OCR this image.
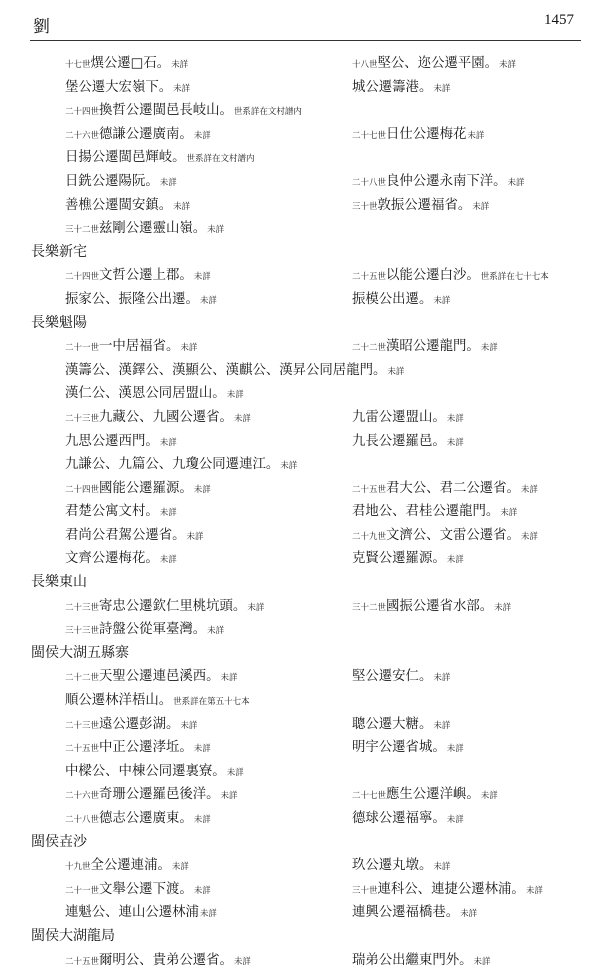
劉	1457
十七世熼公遷□石。未詳	十八世堅公、迩公遷平園。未詳
堡公遷大宏嶺下。未詳	城公遷籌港。未詳
二十四世換哲公遷閩邑長岐山。世系詳在文村譜内
二十六世德謙公遷廣南。未詳	二十七世日仕公遷梅花未詳
日揚公遷閩邑輝岐。世系詳在文村譜内
日銑公遷陽阮。未詳	二十八世良仲公遷永南下洋。未詳
善樵公遷閩安鎮。未詳	三十世敦振公遷福省。未詳
三十二世兹剛公遷靈山嶺。未詳
長樂新宅
二十四世文哲公遷上郡。未詳	二十五世以能公遷白沙。世系詳在七十七本
振家公、振隆公出遷。未詳	振模公出遷。未詳
長樂魁陽
二十一世一中居福省。未詳	二十二世漢昭公遷龍門。未詳
漢籌公、漢鐸公、漢顯公、漢麒公、漢昇公同居龍門。未詳
漢仁公、漢恩公同居盟山。未詳
二十三世九藏公、九國公遷省。未詳	九雷公遷盟山。未詳
九思公遷西門。未詳	九長公遷羅邑。未詳
九謙公、九篇公、九瓊公同遷連江。未詳
二十四世國能公遷羅源。未詳	二十五世君大公、君二公遷省。未詳
君楚公寓文村。未詳	君地公、君桂公遷龍門。未詳
君尚公君駕公遷省。未詳	二十九世文濟公、文雷公遷省。未詳
文齊公遷梅花。未詳	克賢公遷羅源。未詳
長樂東山
二十三世寄忠公遷欽仁里桃坑頭。未詳	三十二世國振公遷省水部。未詳
三十三世詩盤公從軍臺灣。未詳
閩侯大湖五縣寨
二十二世天聖公遷連邑溪西。未詳	堅公遷安仁。未詳
順公遷林洋梧山。世系詳在第五十七本
二十三世遠公遷彭湖。未詳	聰公遷大糖。未詳
二十五世中正公遷涍坵。未詳	明宇公遷省城。未詳
中樑公、中棟公同遷裏寮。未詳
二十六世奇珊公遷羅邑後洋。未詳	二十七世應生公遷洋嶼。未詳
二十八世德志公遷廣東。未詳	德球公遷福寧。未詳
閩侯壵沙
十九世全公遷連浦。未詳	玖公遷丸墩。未詳
二十一世文舉公遷下渡。未詳	三十世連科公、連捷公遷林浦。未詳
連魁公、連山公遷林浦未詳	連興公遷福橋巷。未詳
閩侯大湖龍局
二十五世爾明公、貴弟公遷省。未詳	瑞弟公出繼東門外。未詳
